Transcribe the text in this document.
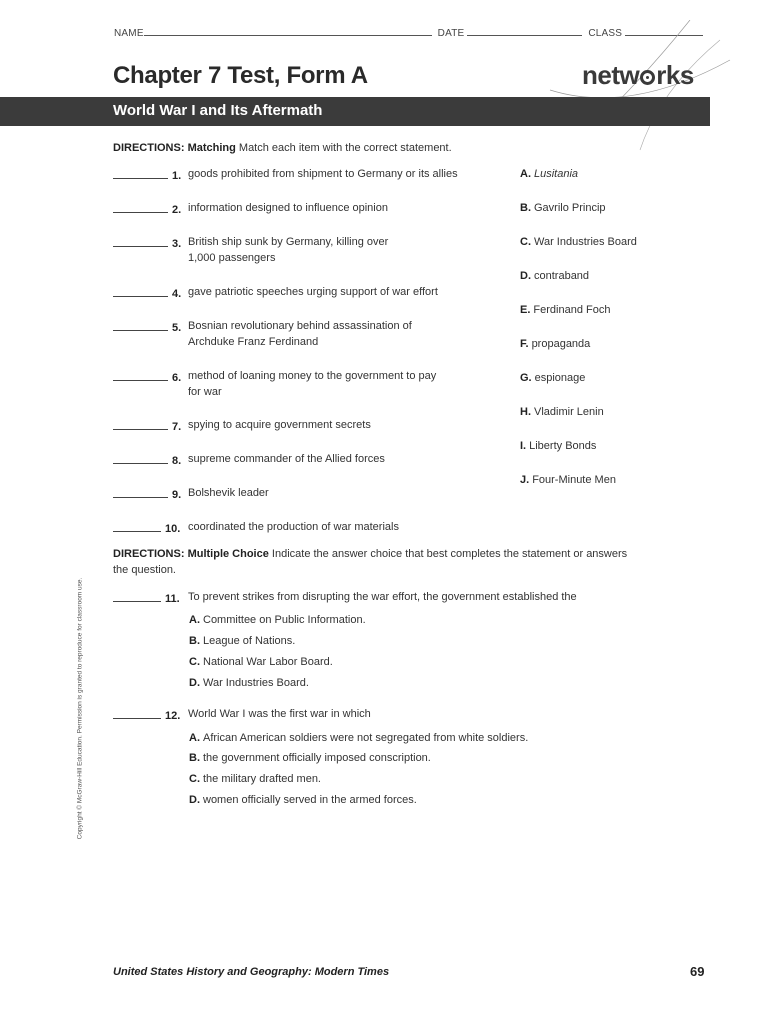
NAME	DATE	CLASS
Chapter 7 Test, Form A	netw rks
World War I and Its Aftermath
DIRECTIONS: Matching Match each item with the correct statement.
1. goods prohibited from shipment to Germany or its allies
2. information designed to influence opinion
3. British ship sunk by Germany, killing over
1,000 passengers
4. gave patriotic speeches urging support of war effort
5. Bosnian revolutionary behind assassination of
Archduke Franz Ferdinand
6. method of loaning money to the government to pay
for war
7. spying to acquire government secrets
8. supreme commander of the Allied forces
9. Bolshevik leader
10. coordinated the production of war materials
A. Lusitania
B. Gavrilo Princip
C. War Industries Board
D. contraband
E. Ferdinand Foch
F. propaganda
G. espionage
H. Vladimir Lenin
I. Liberty Bonds
J. Four-Minute Men
DIRECTIONS: Multiple Choice Indicate the answer choice that best completes the statement or answers
the question.
11. To prevent strikes from disrupting the war effort, the government established the
A. Committee on Public Information.
B. League of Nations.
C. National War Labor Board.
D. War Industries Board.
12. World War I was the first war in which
A. African American soldiers were not segregated from white soldiers.
B. the government officially imposed conscription.
C. the military drafted men.
D. women officially served in the armed forces.
Copyright © McGraw-Hill Education. Permission is granted to reproduce for classroom use.
United States History and Geography: Modern Times	69
